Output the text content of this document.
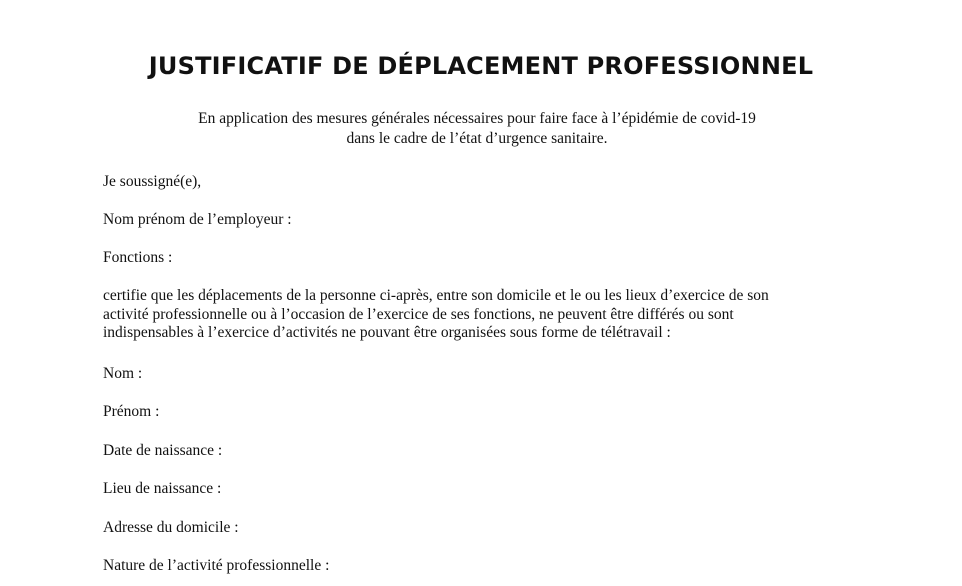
JUSTIFICATIF DE DÉPLACEMENT PROFESSIONNEL
En application des mesures générales nécessaires pour faire face à l’épidémie de covid-19
dans le cadre de l’état d’urgence sanitaire.
Je soussigné(e),
Nom prénom de l’employeur :
Fonctions :
certifie que les déplacements de la personne ci-après, entre son domicile et le ou les lieux d’exercice de son
activité professionnelle ou à l’occasion de l’exercice de ses fonctions, ne peuvent être différés ou sont
indispensables à l’exercice d’activités ne pouvant être organisées sous forme de télétravail :
Nom :
Prénom :
Date de naissance :
Lieu de naissance :
Adresse du domicile :
Nature de l’activité professionnelle :
